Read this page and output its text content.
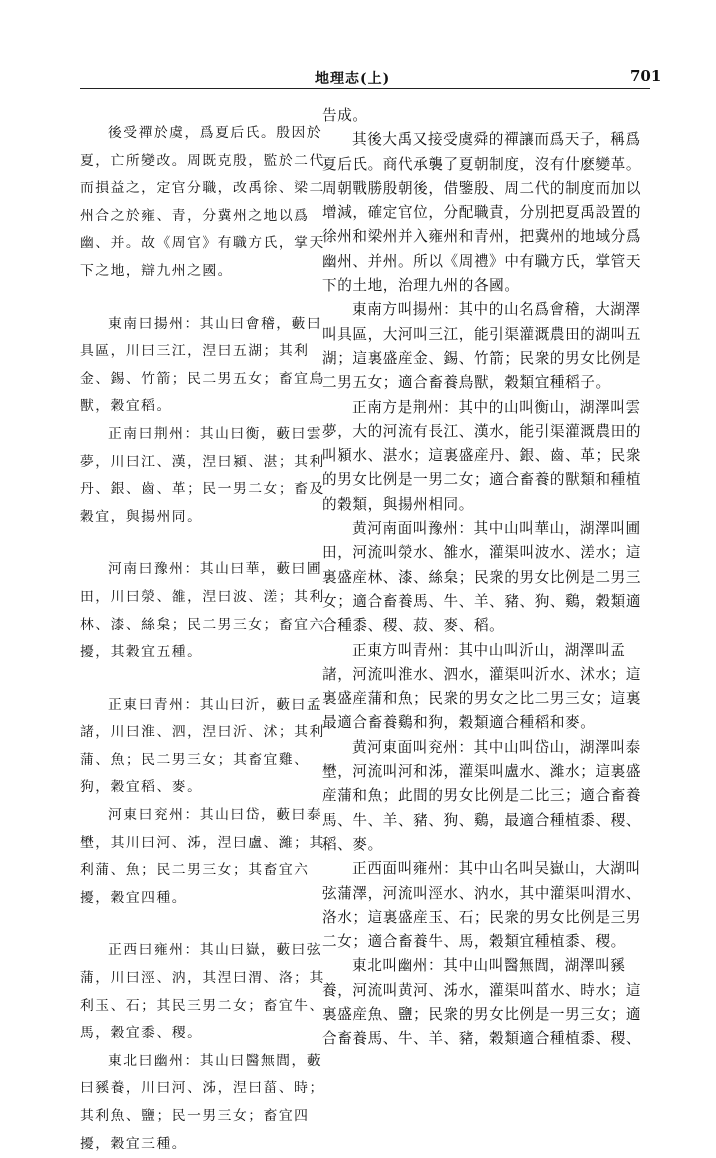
地理志(上)	701

後受禪於虞，爲夏后氏。殷因於
夏，亡所變改。周既克殷，監於二代
而損益之，定官分職，改禹徐、梁二
州合之於雍、青，分冀州之地以爲
幽、并。故《周官》有職方氏，掌天
下之地，辯九州之國。

東南曰揚州：其山曰會稽，藪曰
具區，川曰三江，𣵀曰五湖；其利
金、錫、竹箭；民二男五女；畜宜鳥
獸，穀宜稻。

正南曰荆州：其山曰衡，藪曰雲
夢，川曰江、漢，𣵀曰潁、湛；其利
丹、銀、齒、革；民一男二女；畜及
穀宜，與揚州同。

河南曰豫州：其山曰華，藪曰圃
田，川曰滎、雒，𣵀曰波、溠；其利
林、漆、絲枲；民二男三女；畜宜六
擾，其穀宜五種。

正東曰青州：其山曰沂，藪曰孟
諸，川曰淮、泗，𣵀曰沂、沭；其利
蒲、魚；民二男三女；其畜宜雞、
狗，穀宜稻、麥。

河東曰兖州：其山曰岱，藪曰泰
壄，其川曰河、泲，𣵀曰盧、濰；其
利蒲、魚；民二男三女；其畜宜六
擾，穀宜四種。

正西曰雍州：其山曰嶽，藪曰弦
蒲，川曰涇、汭，其𣵀曰渭、洛；其
利玉、石；其民三男二女；畜宜牛、
馬，穀宜黍、稷。

東北曰幽州：其山曰醫無閭，藪
曰豯養，川曰河、泲，𣵀曰菑、時；
其利魚、鹽；民一男三女；畜宜四
擾，穀宜三種。

告成。

其後大禹又接受虞舜的禪讓而爲天子，稱爲
夏后氏。商代承襲了夏朝制度，沒有什麽變革。
周朝戰勝殷朝後，借鑒殷、周二代的制度而加以
增減，確定官位，分配職責，分別把夏禹設置的
徐州和梁州并入雍州和青州，把冀州的地域分爲
幽州、并州。所以《周禮》中有職方氏，掌管天
下的土地，治理九州的各國。

東南方叫揚州：其中的山名爲會稽，大湖澤
叫具區，大河叫三江，能引渠灌溉農田的湖叫五
湖；這裏盛産金、錫、竹箭；民衆的男女比例是
二男五女；適合畜養鳥獸，穀類宜種稻子。

正南方是荆州：其中的山叫衡山，湖澤叫雲
夢，大的河流有長江、漢水，能引渠灌溉農田的
叫潁水、湛水；這裏盛産丹、銀、齒、革；民衆
的男女比例是一男二女；適合畜養的獸類和種植
的穀類，與揚州相同。

黄河南面叫豫州：其中山叫華山，湖澤叫圃
田，河流叫滎水、雒水，灌渠叫波水、溠水；這
裏盛産林、漆、絲枲；民衆的男女比例是二男三
女；適合畜養馬、牛、羊、豬、狗、鷄，穀類適
合種黍、稷、菽、麥、稻。

正東方叫青州：其中山叫沂山，湖澤叫孟
諸，河流叫淮水、泗水，灌渠叫沂水、沭水；這
裏盛産蒲和魚；民衆的男女之比二男三女；這裏
最適合畜養鷄和狗，穀類適合種稻和麥。

黄河東面叫兖州：其中山叫岱山，湖澤叫泰
壄，河流叫河和泲，灌渠叫盧水、濰水；這裏盛
産蒲和魚；此間的男女比例是二比三；適合畜養
馬、牛、羊、豬、狗、鷄，最適合種植黍、稷、
稻、麥。

正西面叫雍州：其中山名叫吴嶽山，大湖叫
弦蒲澤，河流叫涇水、汭水，其中灌渠叫渭水、
洛水；這裏盛産玉、石；民衆的男女比例是三男
二女；適合畜養牛、馬，穀類宜種植黍、稷。

東北叫幽州：其中山叫醫無閭，湖澤叫豯
養，河流叫黄河、泲水，灌渠叫菑水、時水；這
裏盛産魚、鹽；民衆的男女比例是一男三女；適
合畜養馬、牛、羊、豬，穀類適合種植黍、稷、
